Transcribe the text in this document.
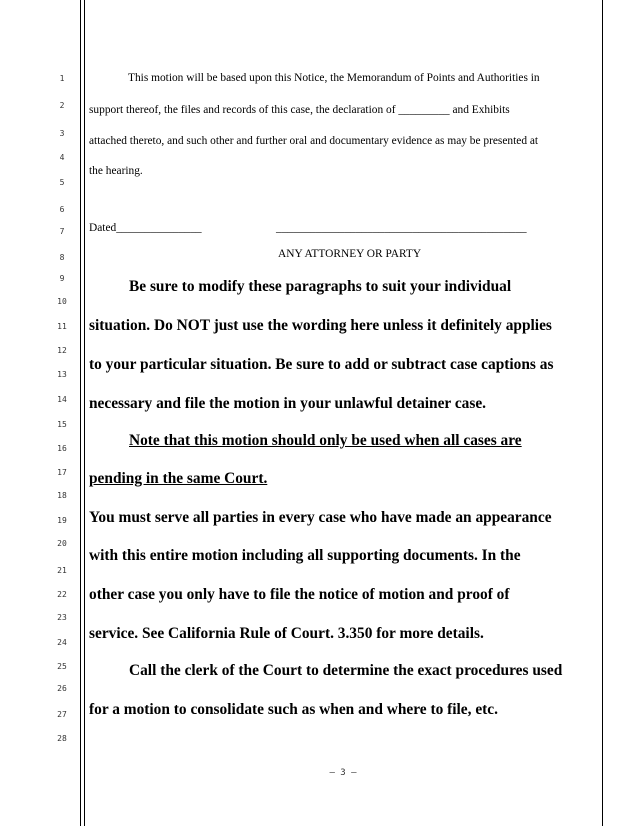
1
2
3
4
5
6
7
8
9
10
11
12
13
14
15
16
17
18
19
20
21
22
23
24
25
26
27
28
This motion will be based upon this Notice, the Memorandum of Points and Authorities in
support thereof, the files and records of this case, the declaration of _________ and Exhibits
attached thereto, and such other and further oral and documentary evidence as may be presented at
the hearing.
Dated_______________	____________________________________________
ANY ATTORNEY OR PARTY
Be sure to modify these paragraphs to suit your individual
situation. Do NOT just use the wording here unless it definitely applies
to your particular situation. Be sure to add or subtract case captions as
necessary and file the motion in your unlawful detainer case.
Note that this motion should only be used when all cases are
pending in the same Court.
You must serve all parties in every case who have made an appearance
with this entire motion including all supporting documents. In the
other case you only have to file the notice of motion and proof of
service. See California Rule of Court. 3.350 for more details.
Call the clerk of the Court to determine the exact procedures used
for a motion to consolidate such as when and where to file, etc.
– 3 –
